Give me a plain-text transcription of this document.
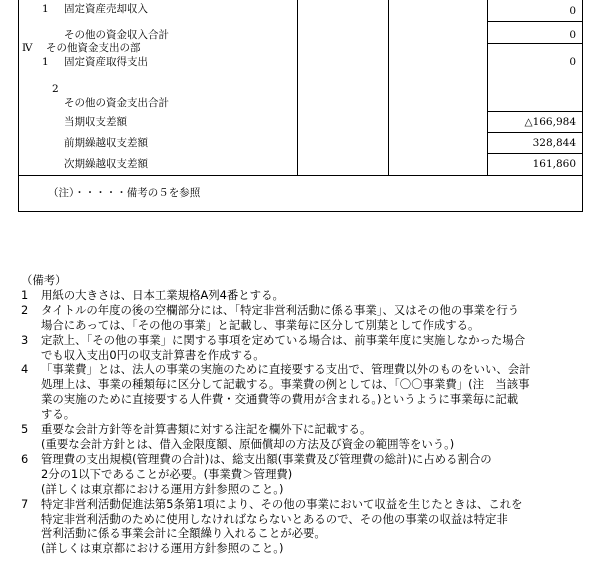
1 固定資産売却収入	0
その他の資金収入合計	0
Ⅳ その他資金支出の部
1 固定資産取得支出	0
2
その他の資金支出合計
当期収支差額	△166,984
前期繰越収支差額	328,844
次期繰越収支差額	161,860
（注）・・・・・備考の５を参照
（備考）
1 用紙の大きさは、日本工業規格A列4番とする。
2 タイトルの年度の後の空欄部分には、「特定非営利活動に係る事業」、又はその他の事業を行う
場合にあっては、「その他の事業」と記載し、事業毎に区分して別葉として作成する。
3 定款上、「その他の事業」に関する事項を定めている場合は、前事業年度に実施しなかった場合
でも収入支出0円の収支計算書を作成する。
4 「事業費」とは、法人の事業の実施のために直接要する支出で、管理費以外のものをいい、会計
処理上は、事業の種類毎に区分して記載する。事業費の例としては、「〇〇事業費」(注　当該事
業の実施のために直接要する人件費・交通費等の費用が含まれる。)というように事業毎に記載
する。
5 重要な会計方針等を計算書類に対する注記を欄外下に記載する。
(重要な会計方針とは、借入金限度額、原価償却の方法及び資金の範囲等をいう。)
6 管理費の支出規模(管理費の合計)は、総支出額(事業費及び管理費の総計)に占める割合の
2分の1以下であることが必要。(事業費＞管理費)
(詳しくは東京都における運用方針参照のこと。)
7 特定非営利活動促進法第5条第1項により、その他の事業において収益を生じたときは、これを
特定非営利活動のために使用しなければならないとあるので、その他の事業の収益は特定非
営利活動に係る事業会計に全額繰り入れることが必要。
(詳しくは東京都における運用方針参照のこと。)
